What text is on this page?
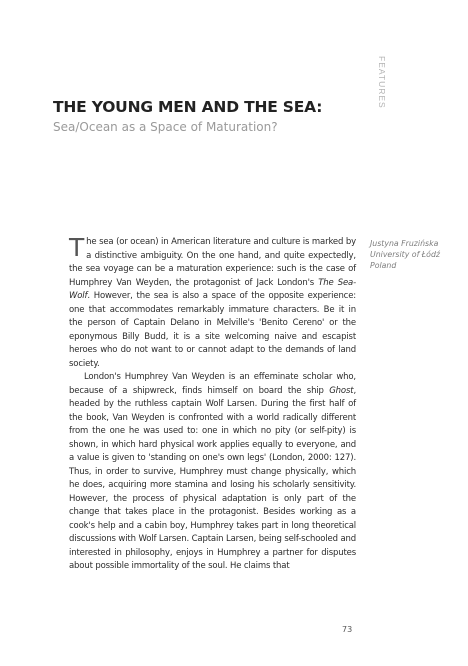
FEATURES
THE YOUNG MEN AND THE SEA:
Sea/Ocean as a Space of Maturation?
Justyna Fruzińska
University of Łódź
Poland

The sea (or ocean) in American literature and culture is marked by a distinctive ambiguity. On the one hand, and quite expectedly, the sea voyage can be a maturation experience: such is the case of Humphrey Van Weyden, the protagonist of Jack London's The Sea-Wolf. However, the sea is also a space of the opposite experience: one that accommodates remarkably immature characters. Be it in the person of Captain Delano in Melville's 'Benito Cereno' or the eponymous Billy Budd, it is a site welcoming naive and escapist heroes who do not want to or cannot adapt to the demands of land society.

London's Humphrey Van Weyden is an effeminate scholar who, because of a shipwreck, finds himself on board the ship Ghost, headed by the ruthless captain Wolf Larsen. During the first half of the book, Van Weyden is confronted with a world radically different from the one he was used to: one in which no pity (or self-pity) is shown, in which hard physical work applies equally to everyone, and a value is given to 'standing on one's own legs' (London, 2000: 127). Thus, in order to survive, Humphrey must change physically, which he does, acquiring more stamina and losing his scholarly sensitivity. However, the process of physical adaptation is only part of the change that takes place in the protagonist. Besides working as a cook's help and a cabin boy, Humphrey takes part in long theoretical discussions with Wolf Larsen. Captain Larsen, being self-schooled and interested in philosophy, enjoys in Humphrey a partner for disputes about possible immortality of the soul. He claims that

73
